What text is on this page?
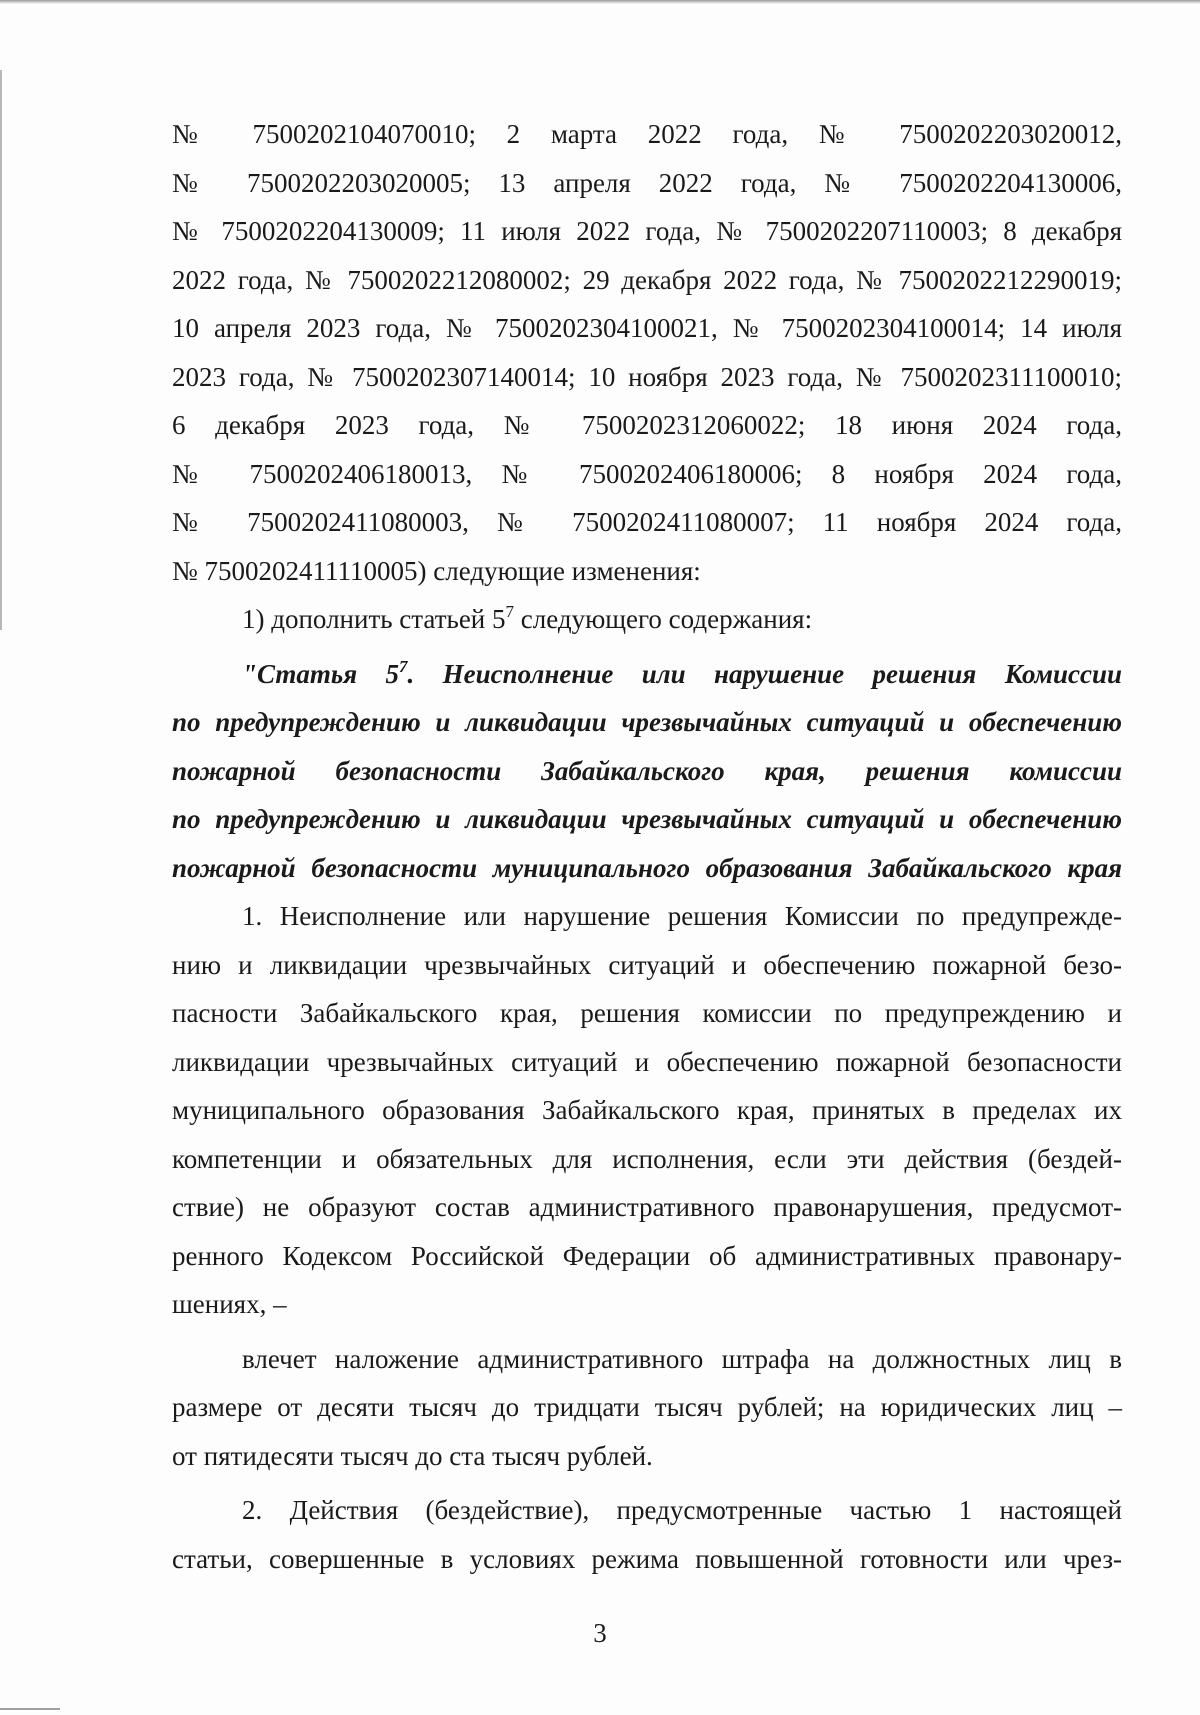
№ 7500202104070010; 2 марта 2022 года, № 7500202203020012,

№ 7500202203020005; 13 апреля 2022 года, № 7500202204130006,

№ 7500202204130009; 11 июля 2022 года, № 7500202207110003; 8 декабря

2022 года, № 7500202212080002; 29 декабря 2022 года, № 7500202212290019;

10 апреля 2023 года, № 7500202304100021, № 7500202304100014; 14 июля

2023 года, № 7500202307140014; 10 ноября 2023 года, № 7500202311100010;

6 декабря 2023 года, № 7500202312060022; 18 июня 2024 года,

№ 7500202406180013, № 7500202406180006; 8 ноября 2024 года,

№ 7500202411080003, № 7500202411080007; 11 ноября 2024 года,

№ 7500202411110005) следующие изменения:

1) дополнить статьей $5^7$ следующего содержания:

"Статья $5^7$. Неисполнение или нарушение решения Комиссии

по предупреждению и ликвидации чрезвычайных ситуаций и обеспечению

пожарной безопасности Забайкальского края, решения комиссии

по предупреждению и ликвидации чрезвычайных ситуаций и обеспечению

пожарной безопасности муниципального образования Забайкальского края

1. Неисполнение или нарушение решения Комиссии по предупрежде-

нию и ликвидации чрезвычайных ситуаций и обеспечению пожарной безо-

пасности Забайкальского края, решения комиссии по предупреждению и

ликвидации чрезвычайных ситуаций и обеспечению пожарной безопасности

муниципального образования Забайкальского края, принятых в пределах их

компетенции и обязательных для исполнения, если эти действия (бездей-

ствие) не образуют состав административного правонарушения, предусмот-

ренного Кодексом Российской Федерации об административных правонару-

шениях, –

влечет наложение административного штрафа на должностных лиц в

размере от десяти тысяч до тридцати тысяч рублей; на юридических лиц –

от пятидесяти тысяч до ста тысяч рублей.

2. Действия (бездействие), предусмотренные частью 1 настоящей

статьи, совершенные в условиях режима повышенной готовности или чрез-

3
